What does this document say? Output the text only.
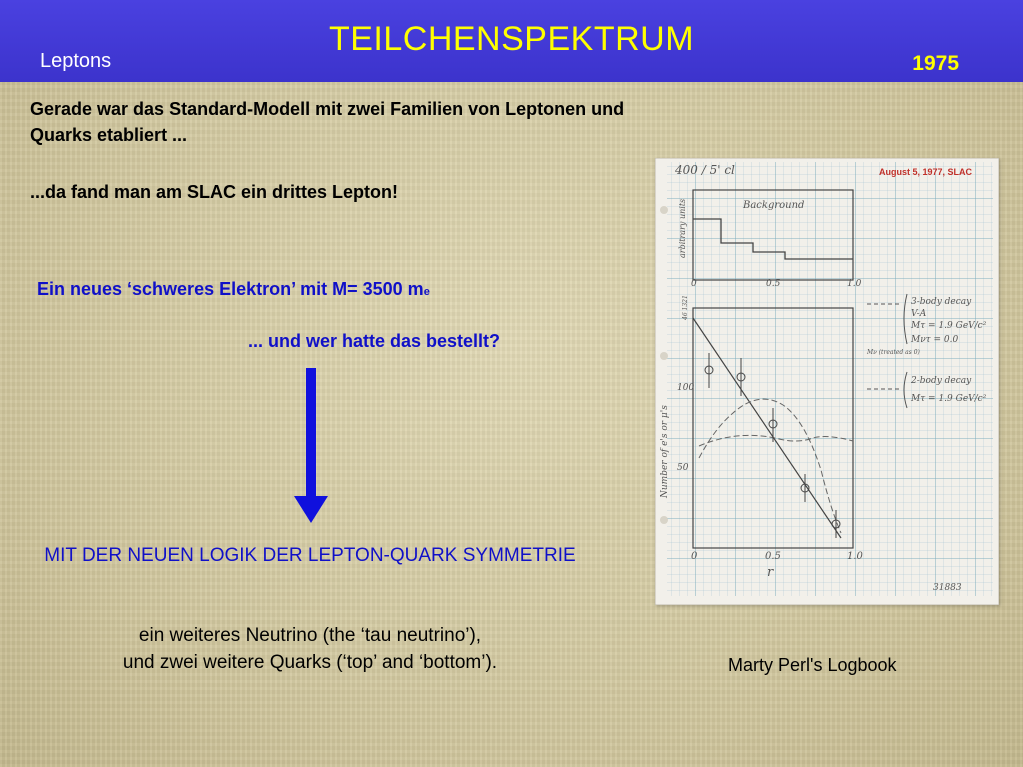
TEILCHENSPEKTRUM
Leptons	1975
Gerade war das Standard-Modell mit zwei Familien von Leptonen und Quarks etabliert ...
...da fand man am SLAC ein drittes Lepton!
Ein neues ‘schweres Elektron’ mit M= 3500 me
... und wer hatte das bestellt?
MIT DER NEUEN LOGIK DER LEPTON-QUARK SYMMETRIE
ein weiteres Neutrino (the ‘tau neutrino’),
und zwei weitere Quarks (‘top’ and ‘bottom’).
400 / 5' cl	August 5, 1977, SLAC
Background
arbitrary units
0	0.5	1.0
46 1321
100
50
Number of e's or μ's
0	0.5	1.0
r
3-body decay
V-A
Mτ = 1.9 GeV/c²
Mντ = 0.0
Mν (treated as 0)
2-body decay
Mτ = 1.9 GeV/c²
31883
Marty Perl's Logbook
